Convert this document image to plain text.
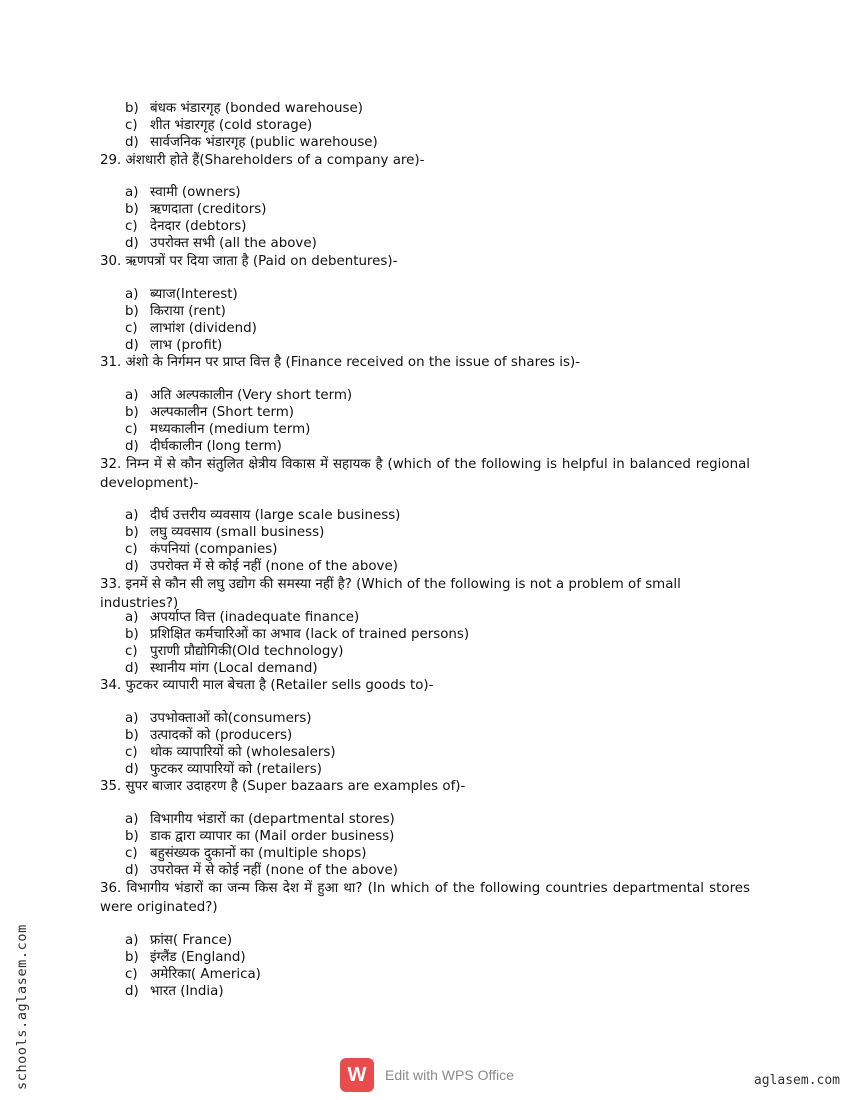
b) बंधक भंडारगृह (bonded warehouse)
c) शीत भंडारगृह (cold storage)
d) सार्वजनिक भंडारगृह (public warehouse)
29. अंशधारी होते हैं(Shareholders of a company are)-
a) स्वामी (owners)
b) ऋणदाता (creditors)
c) देनदार (debtors)
d) उपरोक्त सभी (all the above)
30. ऋणपत्रों पर दिया जाता है (Paid on debentures)-
a) ब्याज(Interest)
b) किराया (rent)
c) लाभांश (dividend)
d) लाभ (profit)
31. अंशो के निर्गमन पर प्राप्त वित्त है (Finance received on the issue of shares is)-
a) अति अल्पकालीन (Very short term)
b) अल्पकालीन (Short term)
c) मध्यकालीन (medium term)
d) दीर्घकालीन (long term)
32. निम्न में से कौन संतुलित क्षेत्रीय विकास में सहायक है (which of the following is helpful in balanced regional development)-
a) दीर्घ उत्तरीय व्यवसाय (large scale business)
b) लघु व्यवसाय (small business)
c) कंपनियां (companies)
d) उपरोक्त में से कोई नहीं (none of the above)
33. इनमें से कौन सी लघु उद्योग की समस्या नहीं है? (Which of the following is not a problem of small industries?)
a) अपर्याप्त वित्त (inadequate finance)
b) प्रशिक्षित कर्मचारिओं का अभाव (lack of trained persons)
c) पुराणी प्रौद्योगिकी(Old technology)
d) स्थानीय मांग (Local demand)
34. फुटकर व्यापारी माल बेचता है (Retailer sells goods to)-
a) उपभोक्ताओं को(consumers)
b) उत्पादकों को (producers)
c) थोक व्यापारियों को (wholesalers)
d) फुटकर व्यापारियों को (retailers)
35. सुपर बाजार उदाहरण है (Super bazaars are examples of)-
a) विभागीय भंडारों का (departmental stores)
b) डाक द्वारा व्यापार का (Mail order business)
c) बहुसंख्यक दुकानों का (multiple shops)
d) उपरोक्त में से कोई नहीं (none of the above)
36. विभागीय भंडारों का जन्म किस देश में हुआ था? (In which of the following countries departmental stores were originated?)
a) फ्रांस( France)
b) इंग्लैंड (England)
c) अमेरिका( America)
d) भारत (India)
schools.aglasem.com	W	Edit with WPS Office	aglasem.com
